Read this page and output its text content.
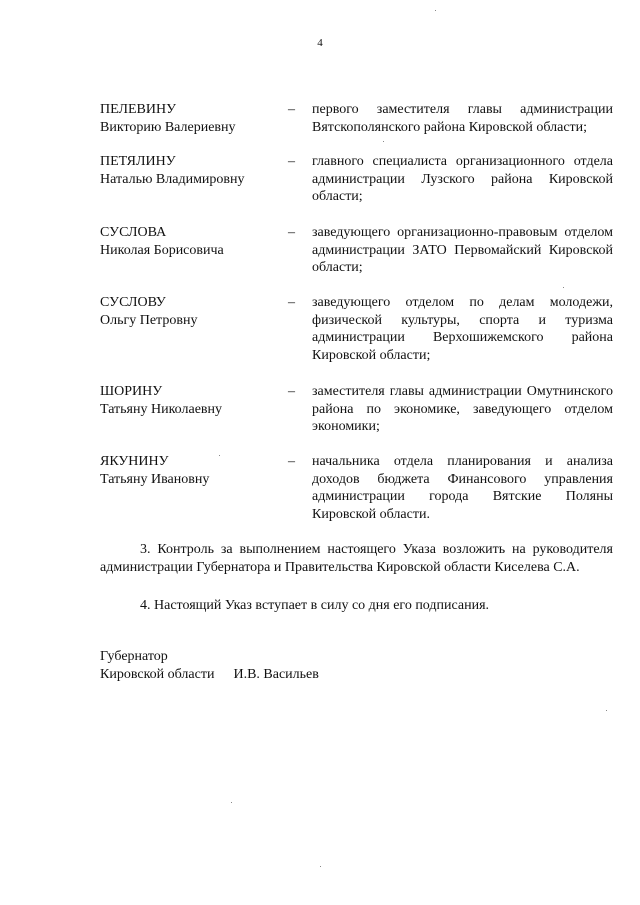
4
ПЕЛЕВИНУ
Викторию Валериевну
– первого заместителя главы администрации Вятскополянского района Кировской области;
ПЕТЯЛИНУ
Наталью Владимировну
– главного специалиста организационного отдела администрации Лузского района Кировской области;
СУСЛОВА
Николая Борисовича
– заведующего организационно-правовым отделом администрации ЗАТО Первомайский Кировской области;
СУСЛОВУ
Ольгу Петровну
– заведующего отделом по делам молодежи, физической культуры, спорта и туризма администрации Верхошижемского района Кировской области;
ШОРИНУ
Татьяну Николаевну
– заместителя главы администрации Омутнинского района по экономике, заведующего отделом экономики;
ЯКУНИНУ
Татьяну Ивановну
– начальника отдела планирования и анализа доходов бюджета Финансового управления администрации города Вятские Поляны Кировской области.
3. Контроль за выполнением настоящего Указа возложить на руководителя администрации Губернатора и Правительства Кировской области Киселева С.А.
4. Настоящий Указ вступает в силу со дня его подписания.
Губернатор
Кировской области И.В. Васильев
